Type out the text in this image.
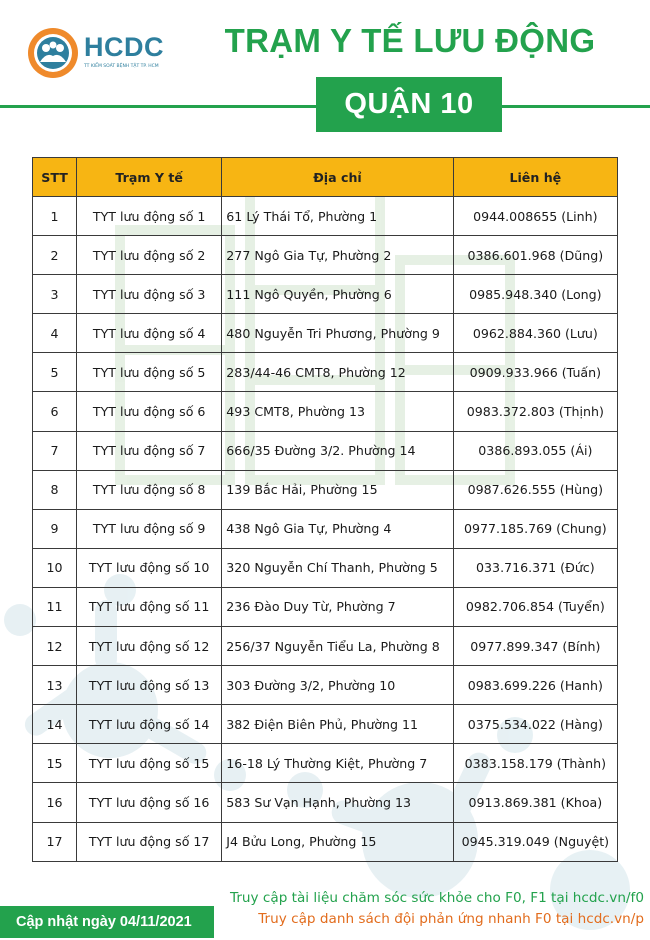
HCDC
TT KIỂM SOÁT BỆNH TẬT TP. HCM
TRẠM Y TẾ LƯU ĐỘNG
QUẬN 10
STT	Trạm Y tế	Địa chỉ	Liên hệ
1	TYT lưu động số 1	61 Lý Thái Tổ, Phường 1	0944.008655 (Linh)
2	TYT lưu động số 2	277 Ngô Gia Tự, Phường 2	0386.601.968 (Dũng)
3	TYT lưu động số 3	111 Ngô Quyền, Phường 6	0985.948.340 (Long)
4	TYT lưu động số 4	480 Nguyễn Tri Phương, Phường 9	0962.884.360 (Lưu)
5	TYT lưu động số 5	283/44-46 CMT8, Phường 12	0909.933.966 (Tuấn)
6	TYT lưu động số 6	493 CMT8, Phường 13	0983.372.803 (Thịnh)
7	TYT lưu động số 7	666/35 Đường 3/2. Phường 14	0386.893.055 (Ái)
8	TYT lưu động số 8	139 Bắc Hải, Phường 15	0987.626.555 (Hùng)
9	TYT lưu động số 9	438 Ngô Gia Tự, Phường 4	0977.185.769 (Chung)
10	TYT lưu động số 10	320 Nguyễn Chí Thanh, Phường 5	033.716.371 (Đức)
11	TYT lưu động số 11	236 Đào Duy Từ, Phường 7	0982.706.854 (Tuyển)
12	TYT lưu động số 12	256/37 Nguyễn Tiểu La, Phường 8	0977.899.347 (Bính)
13	TYT lưu động số 13	303 Đường 3/2, Phường 10	0983.699.226 (Hanh)
14	TYT lưu động số 14	382 Điện Biên Phủ, Phường 11	0375.534.022 (Hàng)
15	TYT lưu động số 15	16-18 Lý Thường Kiệt, Phường 7	0383.158.179 (Thành)
16	TYT lưu động số 16	583 Sư Vạn Hạnh, Phường 13	0913.869.381 (Khoa)
17	TYT lưu động số 17	J4 Bửu Long, Phường 15	0945.319.049 (Nguyệt)
Truy cập tài liệu chăm sóc sức khỏe cho F0, F1 tại hcdc.vn/f0
Truy cập danh sách đội phản ứng nhanh F0 tại hcdc.vn/p
Cập nhật ngày 04/11/2021
